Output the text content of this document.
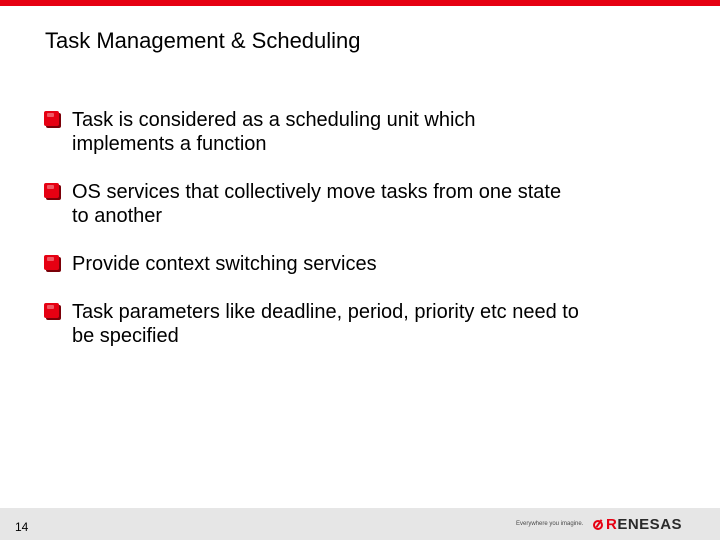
Task Management & Scheduling
Task is considered as a scheduling unit which
implements a function
OS services that collectively move tasks from one state
to another
Provide context switching services
Task parameters like deadline, period, priority etc need to
be specified
14	Everywhere you imagine. RENESAS
